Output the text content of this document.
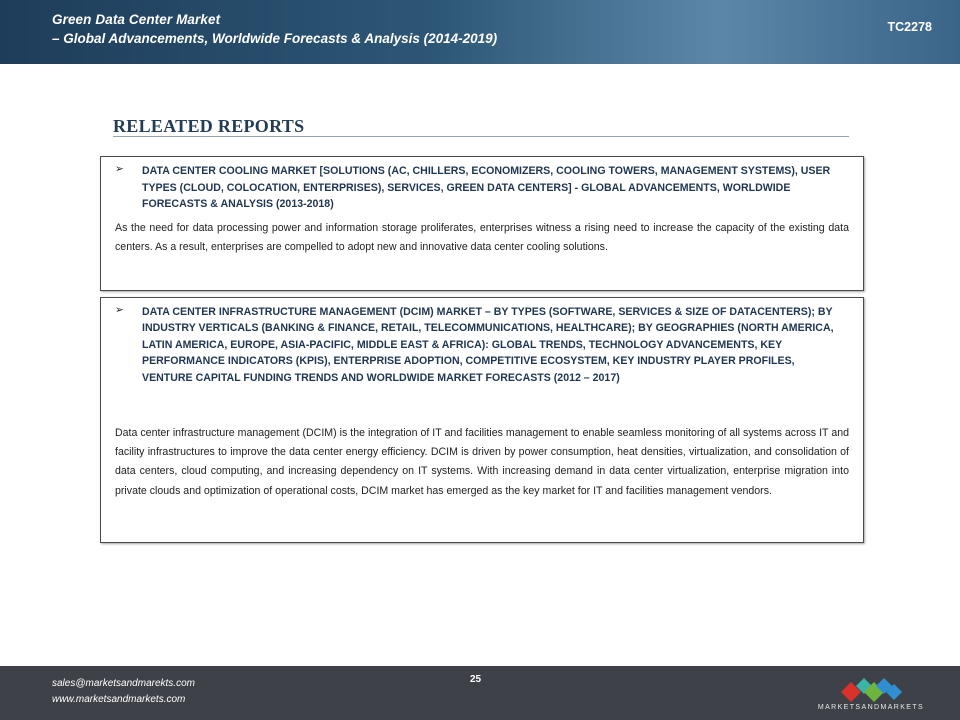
Green Data Center Market
– Global Advancements, Worldwide Forecasts & Analysis (2014-2019)
TC2278
RELEATED REPORTS
➢ DATA CENTER COOLING MARKET [SOLUTIONS (AC, CHILLERS, ECONOMIZERS, COOLING TOWERS, MANAGEMENT SYSTEMS), USER TYPES (CLOUD, COLOCATION, ENTERPRISES), SERVICES, GREEN DATA CENTERS] - GLOBAL ADVANCEMENTS, WORLDWIDE FORECASTS & ANALYSIS (2013-2018)
As the need for data processing power and information storage proliferates, enterprises witness a rising need to increase the capacity of the existing data centers. As a result, enterprises are compelled to adopt new and innovative data center cooling solutions.
➢ DATA CENTER INFRASTRUCTURE MANAGEMENT (DCIM) MARKET – BY TYPES (SOFTWARE, SERVICES & SIZE OF DATACENTERS); BY INDUSTRY VERTICALS (BANKING & FINANCE, RETAIL, TELECOMMUNICATIONS, HEALTHCARE); BY GEOGRAPHIES (NORTH AMERICA, LATIN AMERICA, EUROPE, ASIA-PACIFIC, MIDDLE EAST & AFRICA): GLOBAL TRENDS, TECHNOLOGY ADVANCEMENTS, KEY PERFORMANCE INDICATORS (KPIS), ENTERPRISE ADOPTION, COMPETITIVE ECOSYSTEM, KEY INDUSTRY PLAYER PROFILES, VENTURE CAPITAL FUNDING TRENDS AND WORLDWIDE MARKET FORECASTS (2012 – 2017)
Data center infrastructure management (DCIM) is the integration of IT and facilities management to enable seamless monitoring of all systems across IT and facility infrastructures to improve the data center energy efficiency. DCIM is driven by power consumption, heat densities, virtualization, and consolidation of data centers, cloud computing, and increasing dependency on IT systems. With increasing demand in data center virtualization, enterprise migration into private clouds and optimization of operational costs, DCIM market has emerged as the key market for IT and facilities management vendors.
sales@marketsandmarekts.com
www.marketsandmarkets.com
25
MARKETSANDMARKETS
